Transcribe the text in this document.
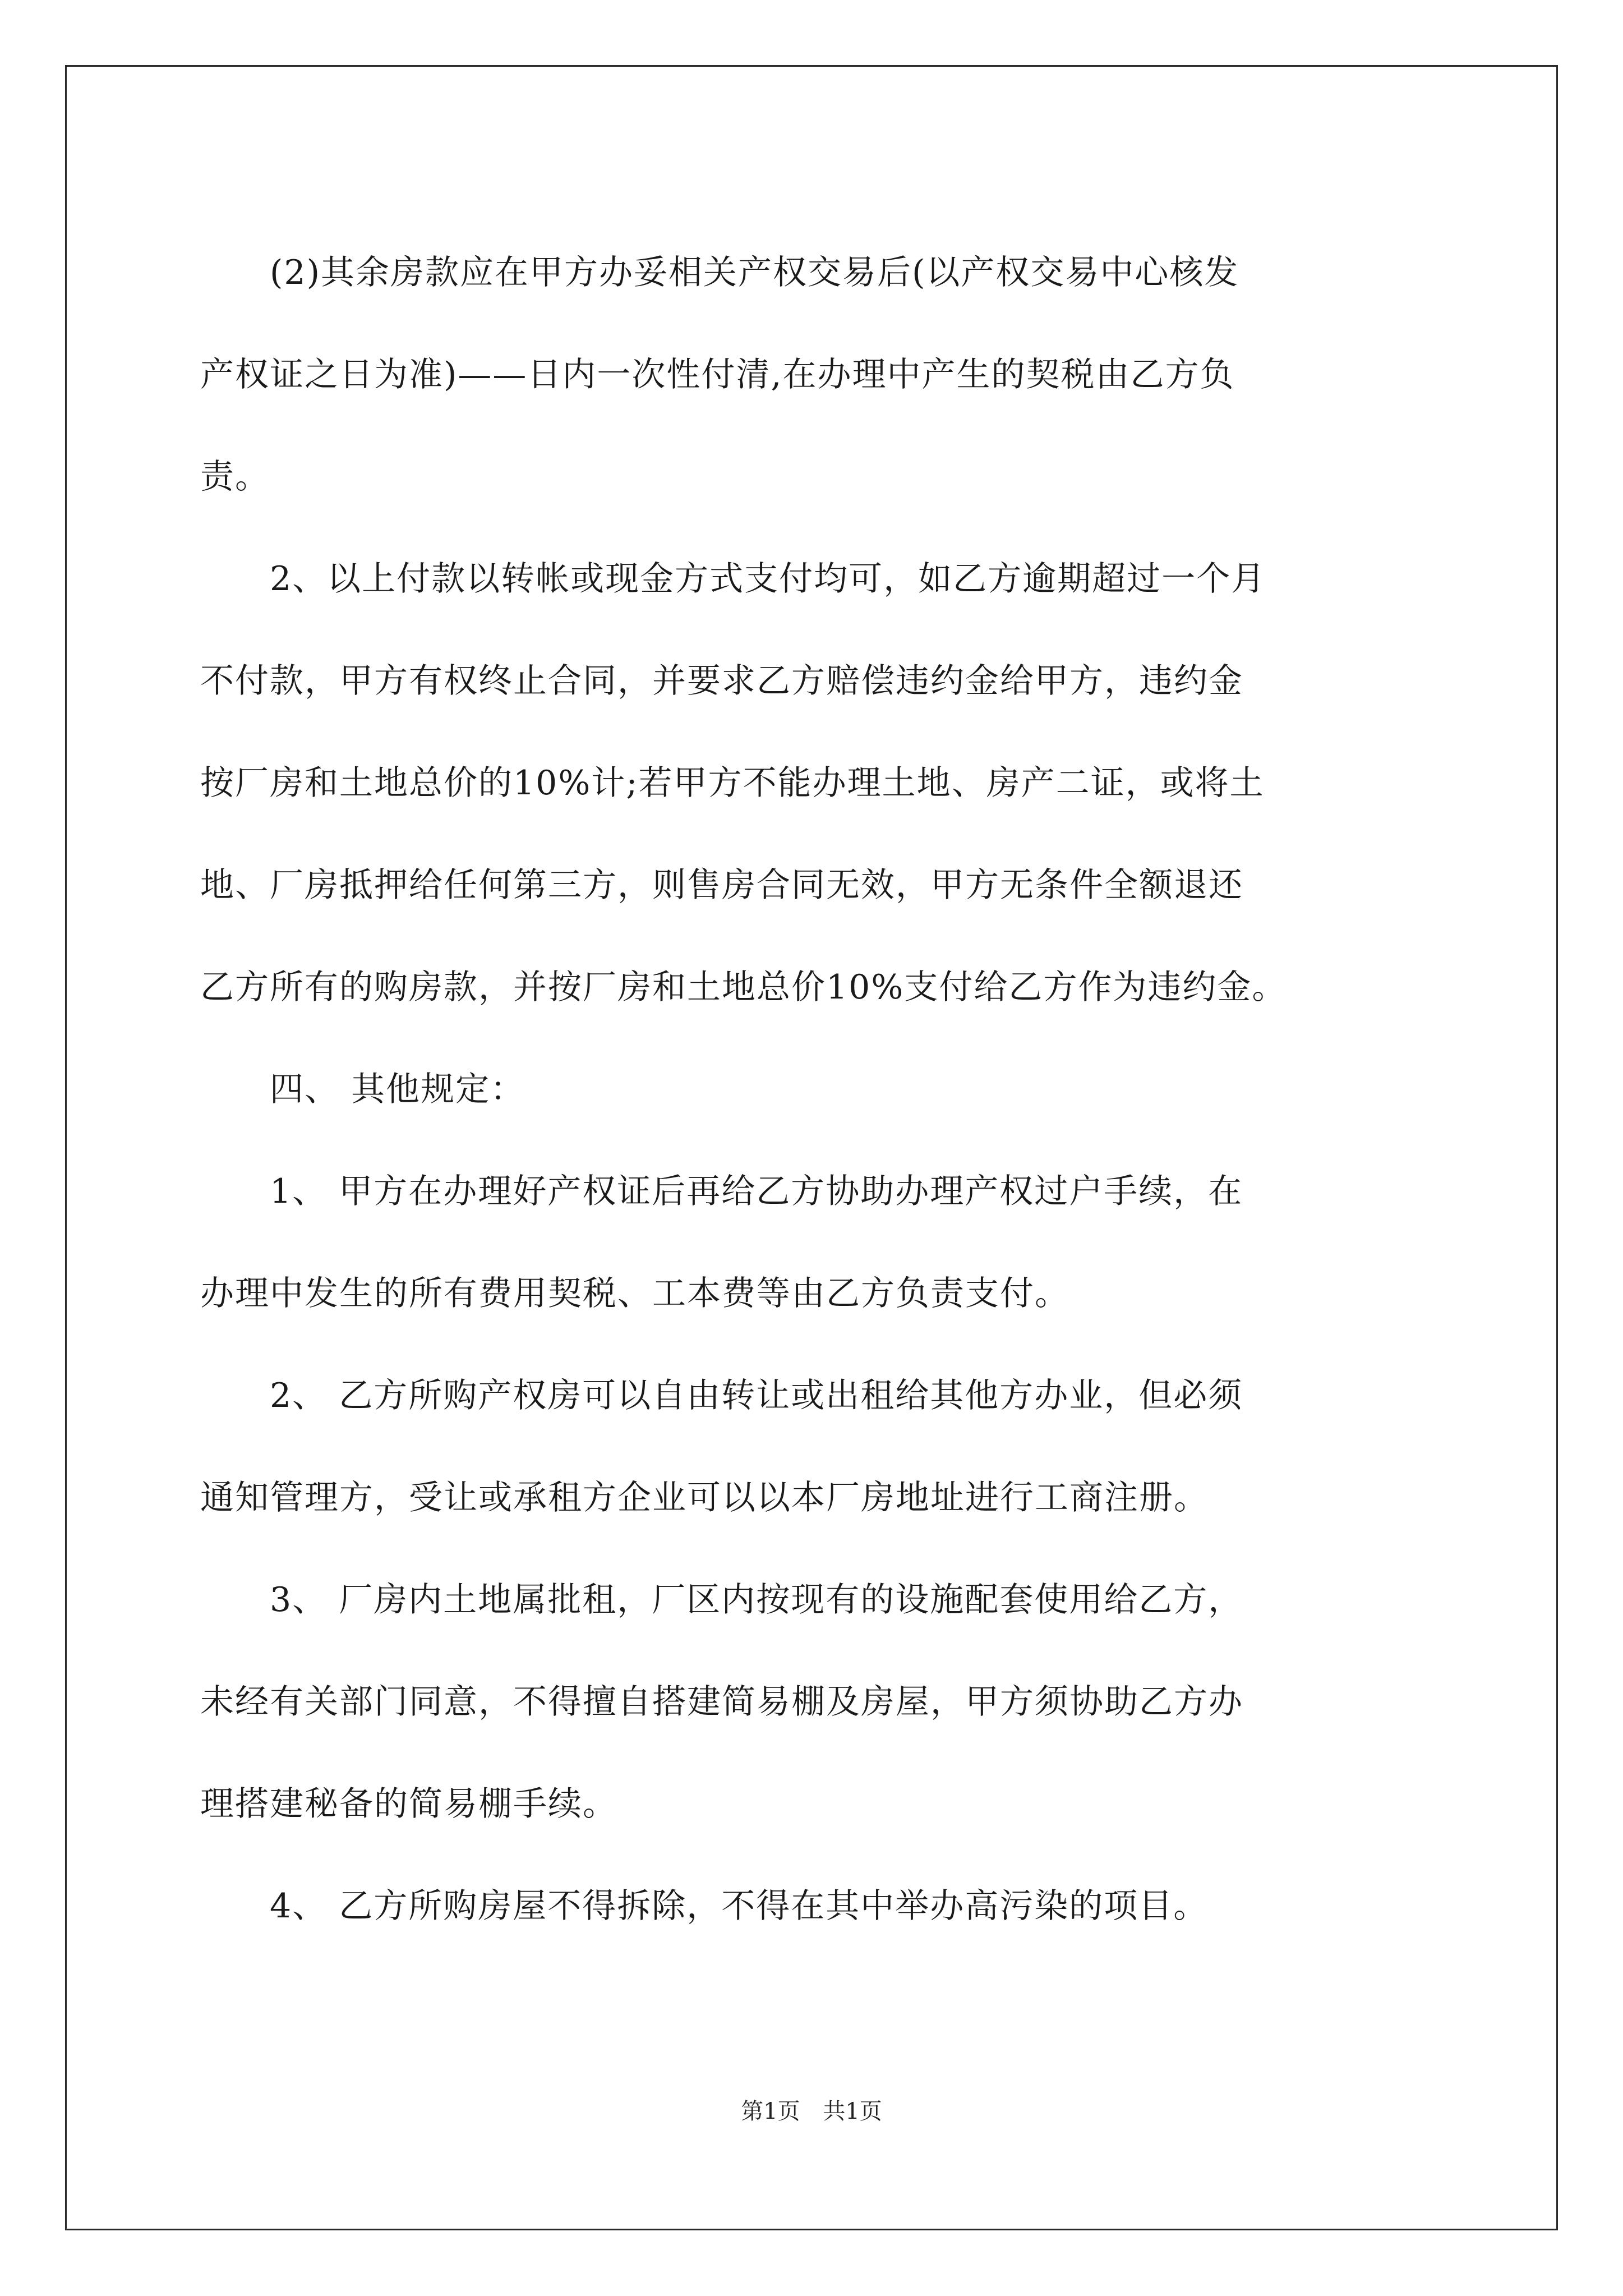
(2)其余房款应在甲方办妥相关产权交易后(以产权交易中心核发
产权证之日为准)——日内一次性付清,在办理中产生的契税由乙方负
责。

2、以上付款以转帐或现金方式支付均可，如乙方逾期超过一个月
不付款，甲方有权终止合同，并要求乙方赔偿违约金给甲方，违约金
按厂房和土地总价的10%计;若甲方不能办理土地、房产二证，或将土
地、厂房抵押给任何第三方，则售房合同无效，甲方无条件全额退还
乙方所有的购房款，并按厂房和土地总价10%支付给乙方作为违约金。

四、 其他规定：

1、 甲方在办理好产权证后再给乙方协助办理产权过户手续，在
办理中发生的所有费用契税、工本费等由乙方负责支付。

2、 乙方所购产权房可以自由转让或出租给其他方办业，但必须
通知管理方，受让或承租方企业可以以本厂房地址进行工商注册。

3、 厂房内土地属批租，厂区内按现有的设施配套使用给乙方，
未经有关部门同意，不得擅自搭建简易棚及房屋，甲方须协助乙方办
理搭建秘备的简易棚手续。

4、 乙方所购房屋不得拆除，不得在其中举办高污染的项目。

第1页 共1页
